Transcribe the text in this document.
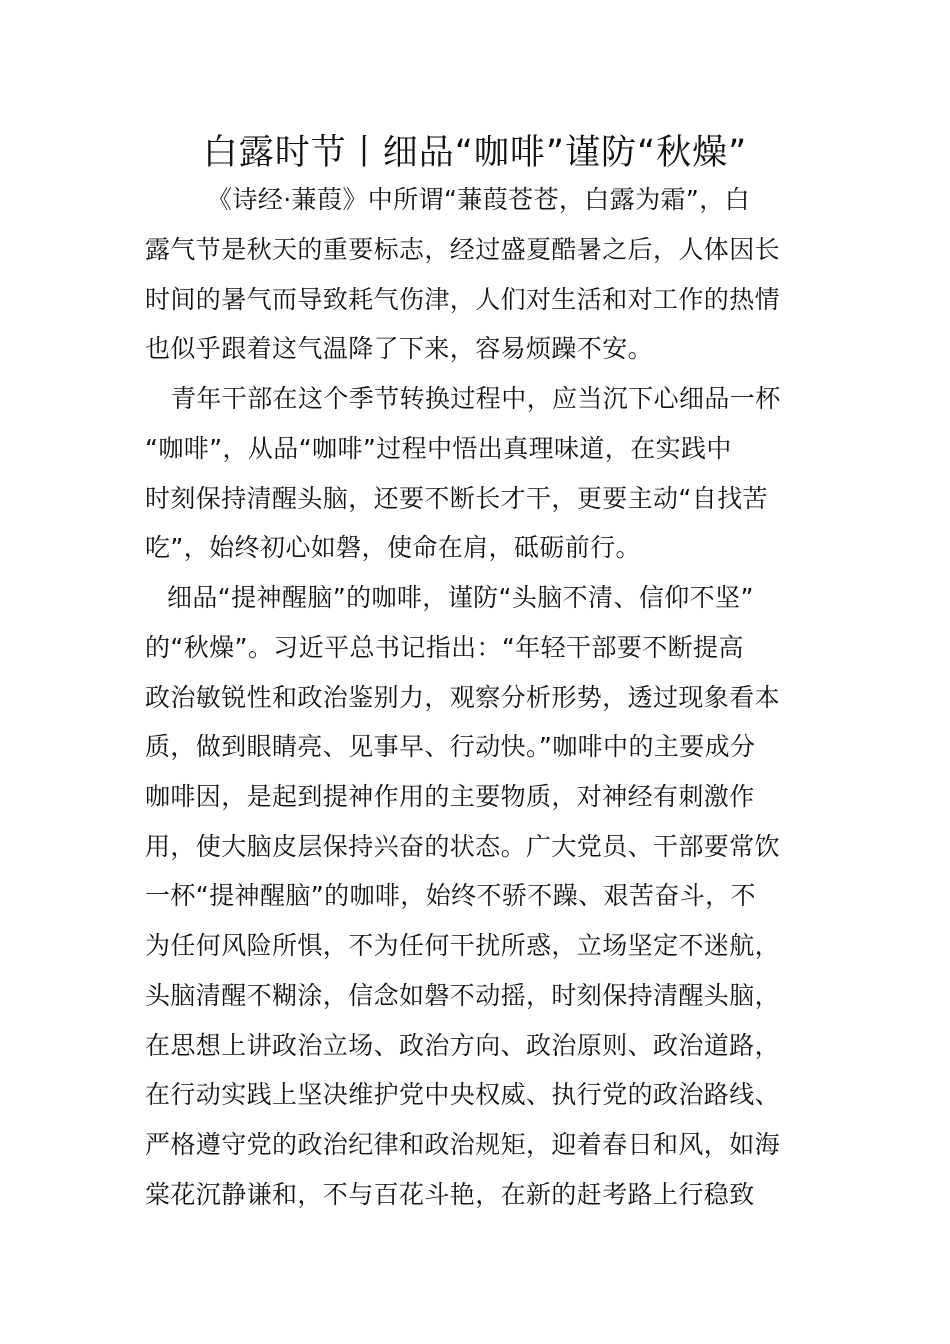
白露时节丨细品“咖啡”谨防“秋燥”
《诗经·蒹葭》中所谓“蒹葭苍苍，白露为霜”，白
露气节是秋天的重要标志，经过盛夏酷暑之后，人体因长
时间的暑气而导致耗气伤津，人们对生活和对工作的热情
也似乎跟着这气温降了下来，容易烦躁不安。
青年干部在这个季节转换过程中，应当沉下心细品一杯
“咖啡”，从品“咖啡”过程中悟出真理味道，在实践中
时刻保持清醒头脑，还要不断长才干，更要主动“自找苦
吃”，始终初心如磐，使命在肩，砥砺前行。
细品“提神醒脑”的咖啡，谨防“头脑不清、信仰不坚”
的“秋燥”。习近平总书记指出：“年轻干部要不断提高
政治敏锐性和政治鉴别力，观察分析形势，透过现象看本
质，做到眼睛亮、见事早、行动快。”咖啡中的主要成分
咖啡因，是起到提神作用的主要物质，对神经有刺激作
用，使大脑皮层保持兴奋的状态。广大党员、干部要常饮
一杯“提神醒脑”的咖啡，始终不骄不躁、艰苦奋斗，不
为任何风险所惧，不为任何干扰所惑，立场坚定不迷航，
头脑清醒不糊涂，信念如磐不动摇，时刻保持清醒头脑，
在思想上讲政治立场、政治方向、政治原则、政治道路，
在行动实践上坚决维护党中央权威、执行党的政治路线、
严格遵守党的政治纪律和政治规矩，迎着春日和风，如海
棠花沉静谦和，不与百花斗艳，在新的赶考路上行稳致
